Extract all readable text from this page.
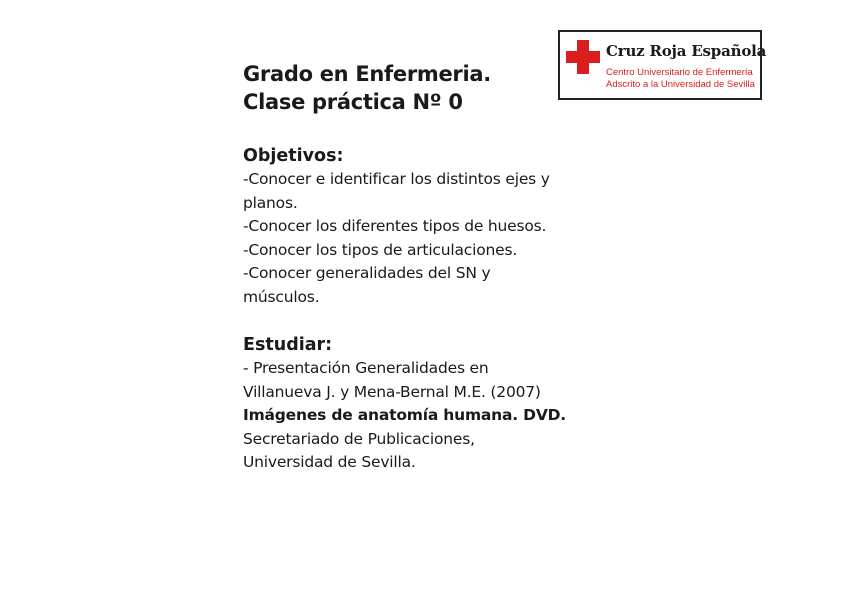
Cruz Roja Española
Centro Universitario de Enfermería
Adscrito a la Universidad de Sevilla

Grado en Enfermeria.

Clase práctica Nº 0

Objetivos:

-Conocer e identificar los distintos ejes y

planos.

-Conocer los diferentes tipos de huesos.

-Conocer los tipos de articulaciones.

-Conocer generalidades del SN y

músculos.

Estudiar:

- Presentación Generalidades en

Villanueva J. y Mena-Bernal M.E. (2007)

Imágenes de anatomía humana. DVD.

Secretariado de Publicaciones,

Universidad de Sevilla.
